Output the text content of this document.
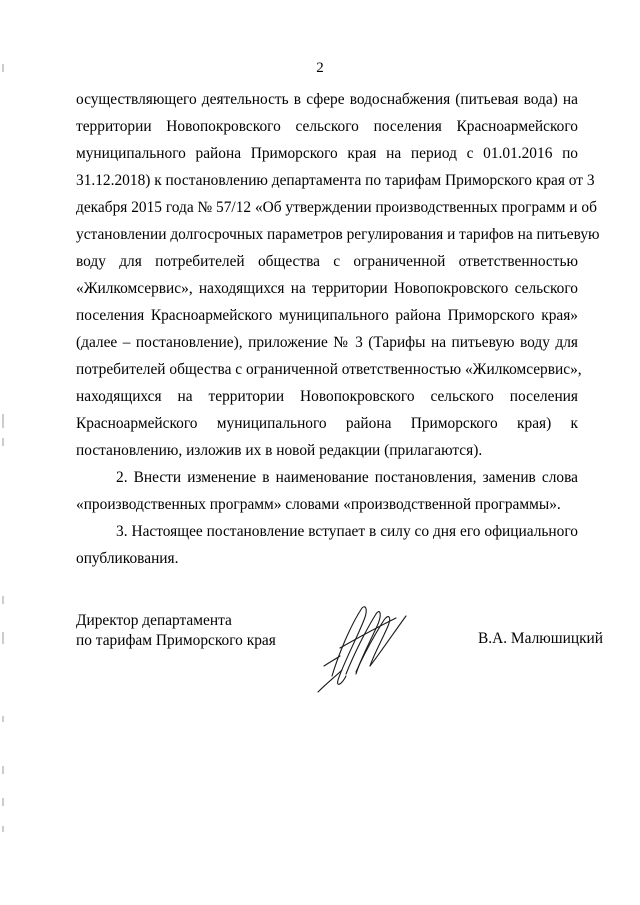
2
осуществляющего деятельность в сфере водоснабжения (питьевая вода) на
территории Новопокровского сельского поселения Красноармейского
муниципального района Приморского края на период с 01.01.2016 по
31.12.2018) к постановлению департамента по тарифам Приморского края от 3
декабря 2015 года № 57/12 «Об утверждении производственных программ и об
установлении долгосрочных параметров регулирования и тарифов на питьевую
воду для потребителей общества с ограниченной ответственностью
«Жилкомсервис», находящихся на территории Новопокровского сельского
поселения Красноармейского муниципального района Приморского края»
(далее – постановление), приложение № 3 (Тарифы на питьевую воду для
потребителей общества с ограниченной ответственностью «Жилкомсервис»,
находящихся на территории Новопокровского сельского поселения
Красноармейского муниципального района Приморского края) к
постановлению, изложив их в новой редакции (прилагаются).
2. Внести изменение в наименование постановления, заменив слова
«производственных программ» словами «производственной программы».
3. Настоящее постановление вступает в силу со дня его официального
опубликования.
Директор департамента
по тарифам Приморского края	В.А. Малюшицкий
